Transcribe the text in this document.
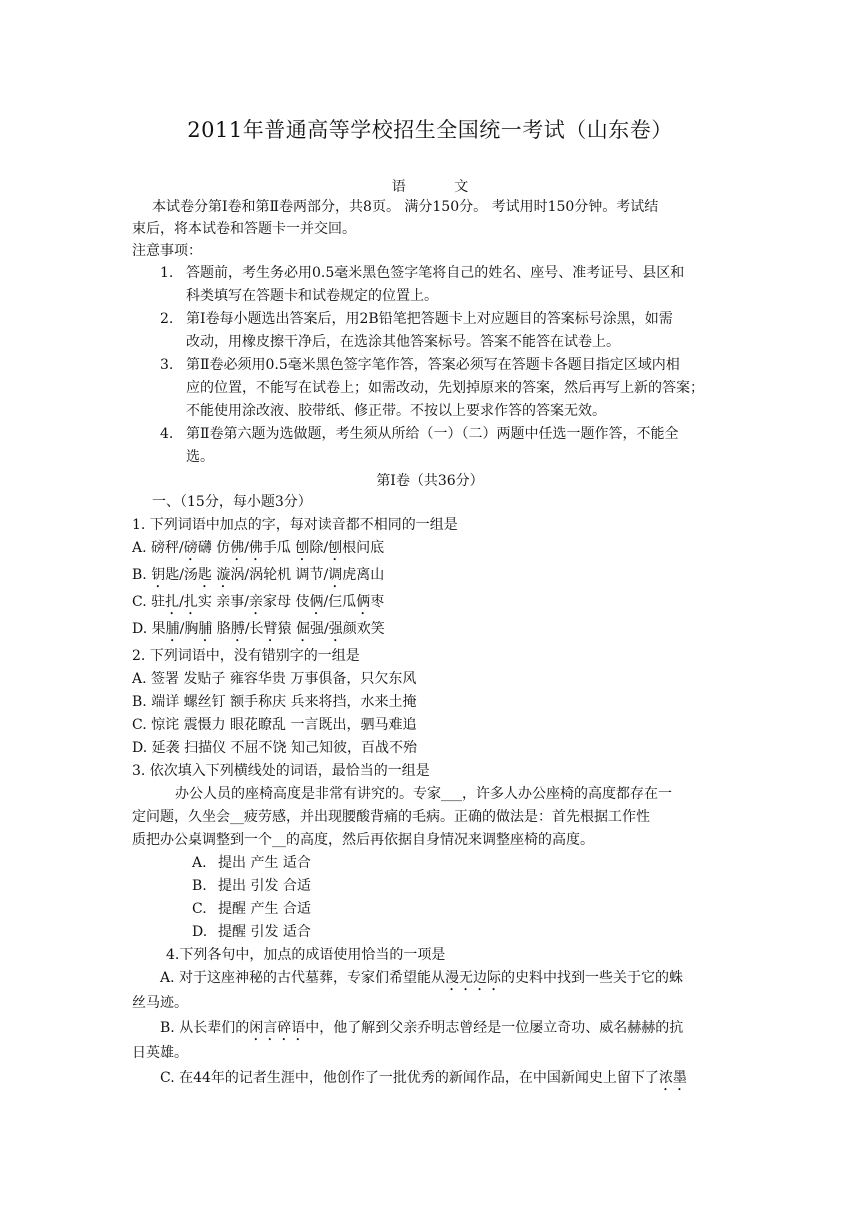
2011年普通高等学校招生全国统一考试（山东卷）
语 文
本试卷分第Ⅰ卷和第Ⅱ卷两部分，共8页。 满分150分。 考试用时150分钟。考试结
束后，将本试卷和答题卡一并交回。
注意事项：
1. 答题前，考生务必用0.5毫米黑色签字笔将自己的姓名、座号、准考证号、县区和
科类填写在答题卡和试卷规定的位置上。
2. 第Ⅰ卷每小题选出答案后，用2B铅笔把答题卡上对应题目的答案标号涂黑，如需
改动，用橡皮擦干净后，在选涂其他答案标号。答案不能答在试卷上。
3. 第Ⅱ卷必须用0.5毫米黑色签字笔作答，答案必须写在答题卡各题目指定区域内相
应的位置，不能写在试卷上；如需改动，先划掉原来的答案，然后再写上新的答案；
不能使用涂改液、胶带纸、修正带。不按以上要求作答的答案无效。
4. 第Ⅱ卷第六题为选做题，考生须从所给（一）（二）两题中任选一题作答，不能全
选。
第Ⅰ卷（共36分）
一、（15分，每小题3分）
1. 下列词语中加点的字，每对读音都不相同的一组是
A. 磅秤/磅礴 仿佛/佛手瓜 刨除/刨根问底
B. 钥匙/汤匙 漩涡/涡轮机 调节/调虎离山
C. 驻扎/扎实 亲事/亲家母 伎俩/仨瓜俩枣
D. 果脯/胸脯 胳膊/长臂猿 倔强/强颜欢笑
2. 下列词语中，没有错别字的一组是
A. 签署 发贴子 雍容华贵 万事俱备，只欠东风
B. 端详 螺丝钉 额手称庆 兵来将挡，水来土掩
C. 惊诧 震慑力 眼花瞭乱 一言既出，驷马难追
D. 延袭 扫描仪 不屈不饶 知己知彼，百战不殆
3. 依次填入下列横线处的词语，最恰当的一组是
办公人员的座椅高度是非常有讲究的。专家___，许多人办公座椅的高度都存在一
定问题，久坐会__疲劳感，并出现腰酸背痛的毛病。正确的做法是：首先根据工作性
质把办公桌调整到一个__的高度，然后再依据自身情况来调整座椅的高度。
A. 提出 产生 适合
B. 提出 引发 合适
C. 提醒 产生 合适
D. 提醒 引发 适合
4.下列各句中，加点的成语使用恰当的一项是
A. 对于这座神秘的古代墓葬，专家们希望能从漫无边际的史料中找到一些关于它的蛛
丝马迹。
B. 从长辈们的闲言碎语中，他了解到父亲乔明志曾经是一位屡立奇功、威名赫赫的抗
日英雄。
C. 在44年的记者生涯中，他创作了一批优秀的新闻作品，在中国新闻史上留下了浓墨
